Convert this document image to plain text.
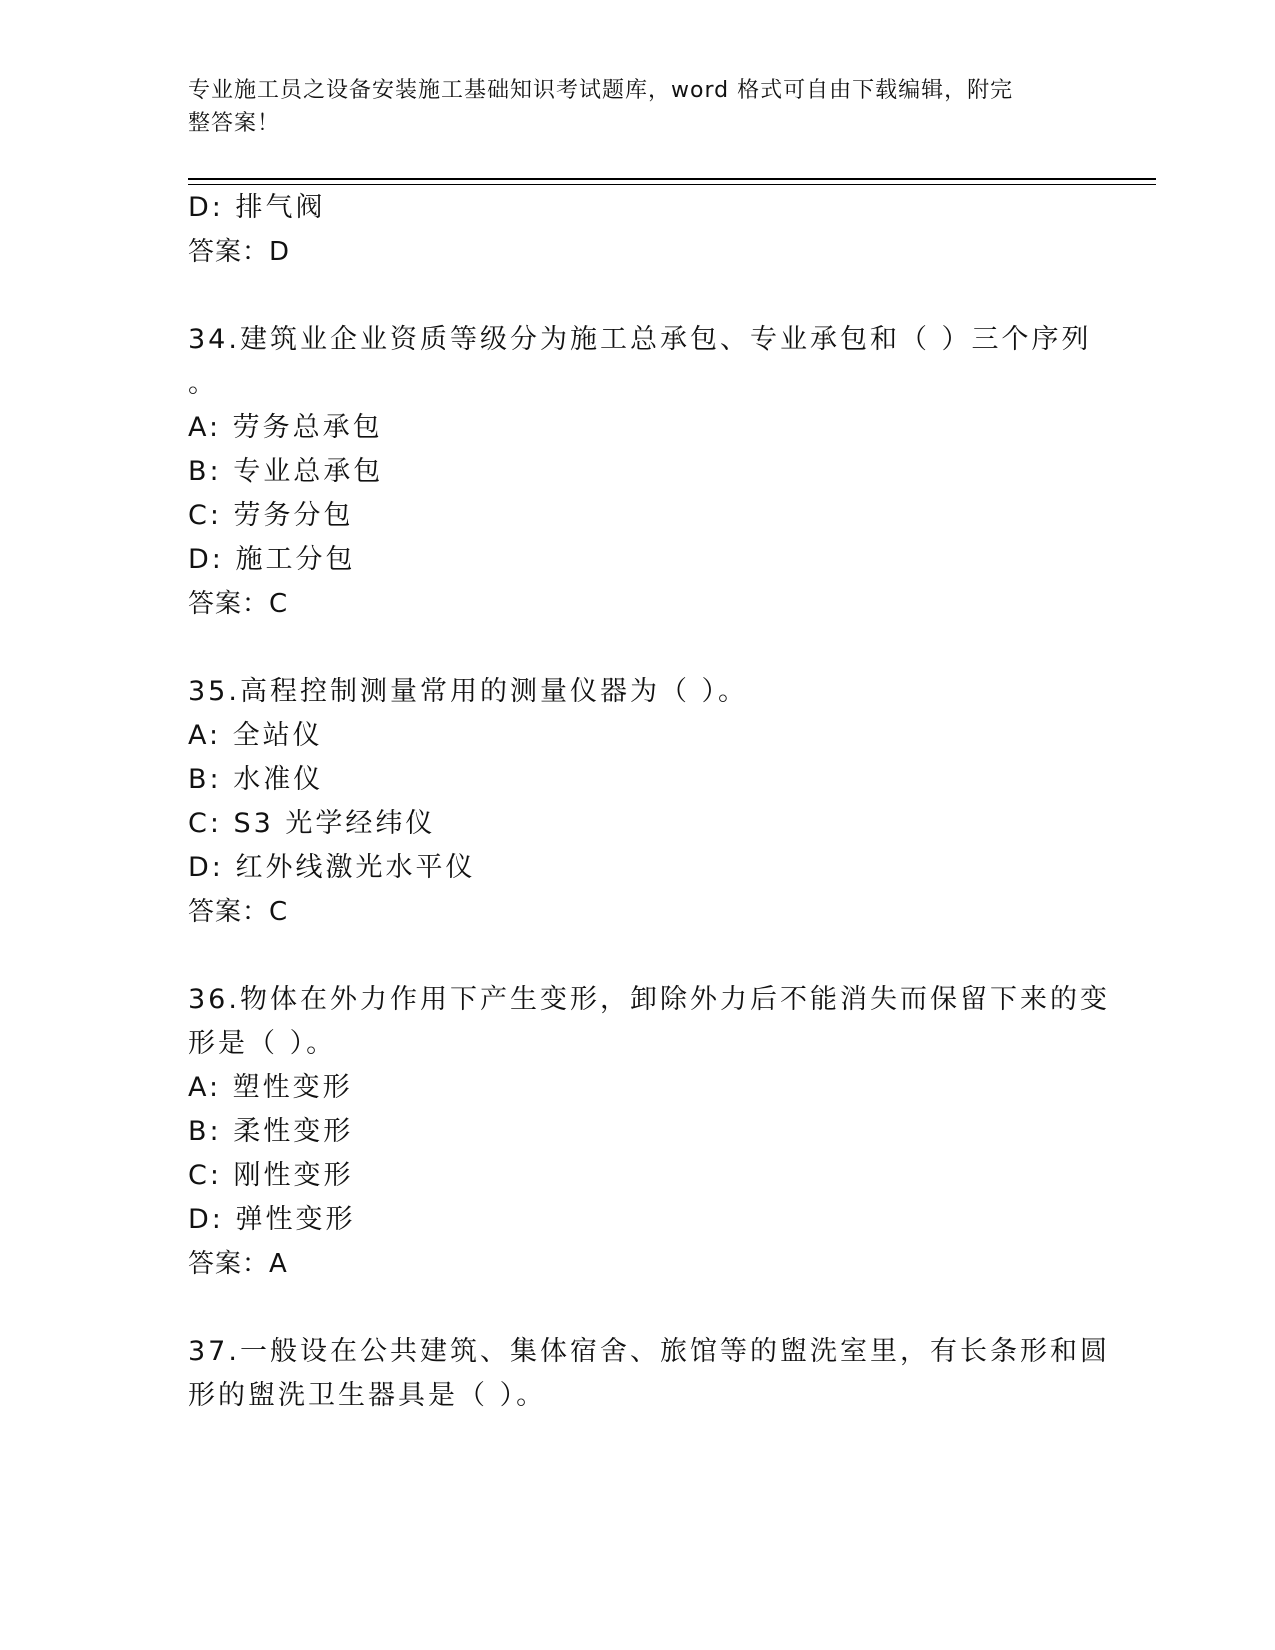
专业施工员之设备安装施工基础知识考试题库，word 格式可自由下载编辑，附完
整答案！
D: 排气阀
答案：D
34.建筑业企业资质等级分为施工总承包、专业承包和（ ）三个序列
。
A: 劳务总承包
B: 专业总承包
C: 劳务分包
D: 施工分包
答案：C
35.高程控制测量常用的测量仪器为（ ）。
A: 全站仪
B: 水准仪
C: S3 光学经纬仪
D: 红外线激光水平仪
答案：C
36.物体在外力作用下产生变形，卸除外力后不能消失而保留下来的变
形是（ ）。
A: 塑性变形
B: 柔性变形
C: 刚性变形
D: 弹性变形
答案：A
37.一般设在公共建筑、集体宿舍、旅馆等的盥洗室里，有长条形和圆
形的盥洗卫生器具是（ ）。
